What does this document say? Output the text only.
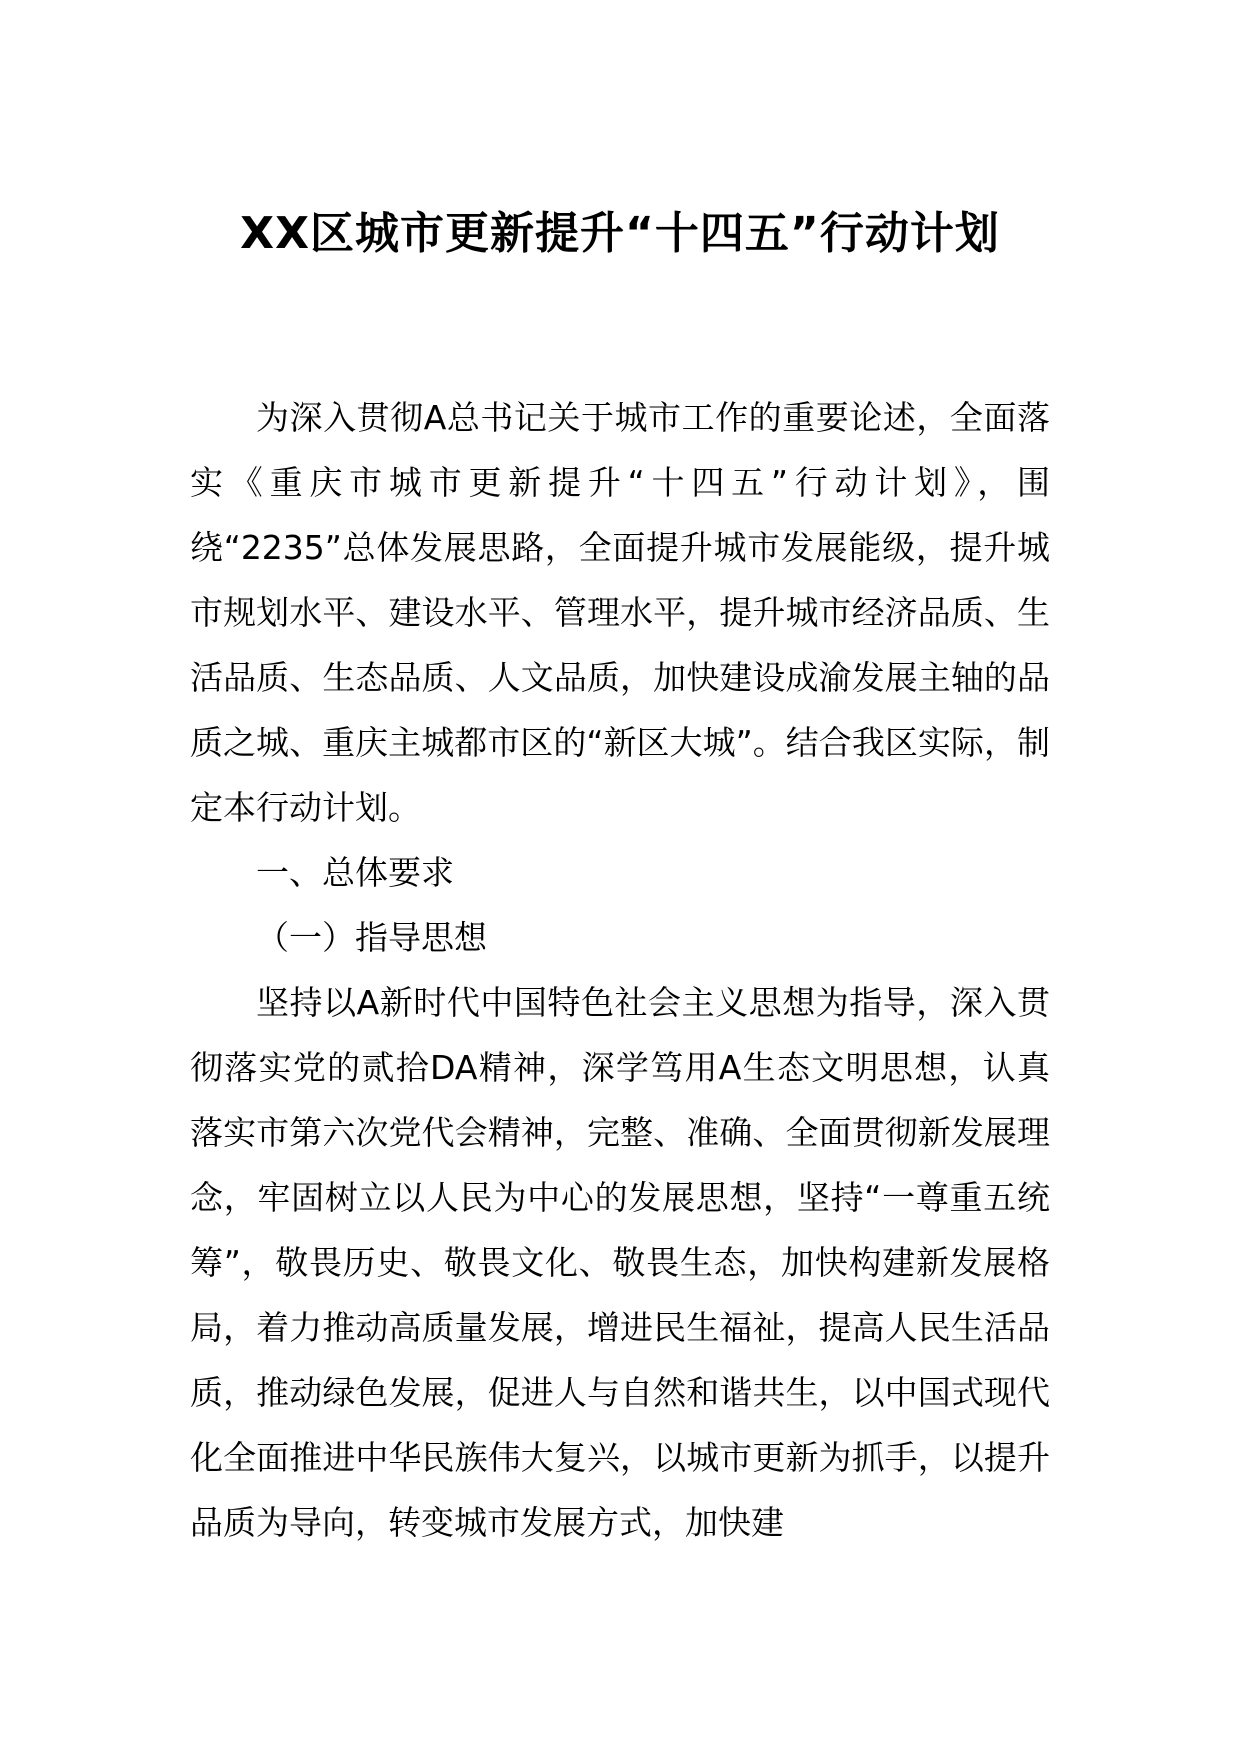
XX区城市更新提升“十四五”行动计划

为深入贯彻A总书记关于城市工作的重要论述，全面落实《重庆市城市更新提升“十四五”行动计划》，围绕“2235”总体发展思路，全面提升城市发展能级，提升城市规划水平、建设水平、管理水平，提升城市经济品质、生活品质、生态品质、人文品质，加快建设成渝发展主轴的品质之城、重庆主城都市区的“新区大城”。结合我区实际，制定本行动计划。

一、总体要求

（一）指导思想

坚持以A新时代中国特色社会主义思想为指导，深入贯彻落实党的贰拾DA精神，深学笃用A生态文明思想，认真落实市第六次党代会精神，完整、准确、全面贯彻新发展理念，牢固树立以人民为中心的发展思想，坚持“一尊重五统筹”，敬畏历史、敬畏文化、敬畏生态，加快构建新发展格局，着力推动高质量发展，增进民生福祉，提高人民生活品质，推动绿色发展，促进人与自然和谐共生，以中国式现代化全面推进中华民族伟大复兴，以城市更新为抓手，以提升品质为导向，转变城市发展方式，加快建
